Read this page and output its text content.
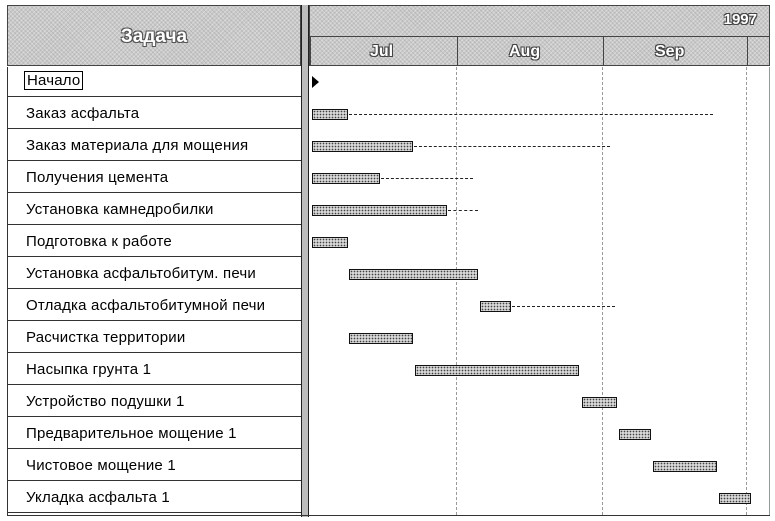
Задача
Начало
Заказ асфальта
Заказ материала для мощения
Получения цемента
Установка камнедробилки
Подготовка к работе
Установка асфальтобитум. печи
Отладка асфальтобитумной печи
Расчистка территории
Насыпка грунта 1
Устройство подушки 1
Предварительное мощение 1
Чистовое мощение 1
Укладка асфальта 1
1997
Jul	Aug	Sep
